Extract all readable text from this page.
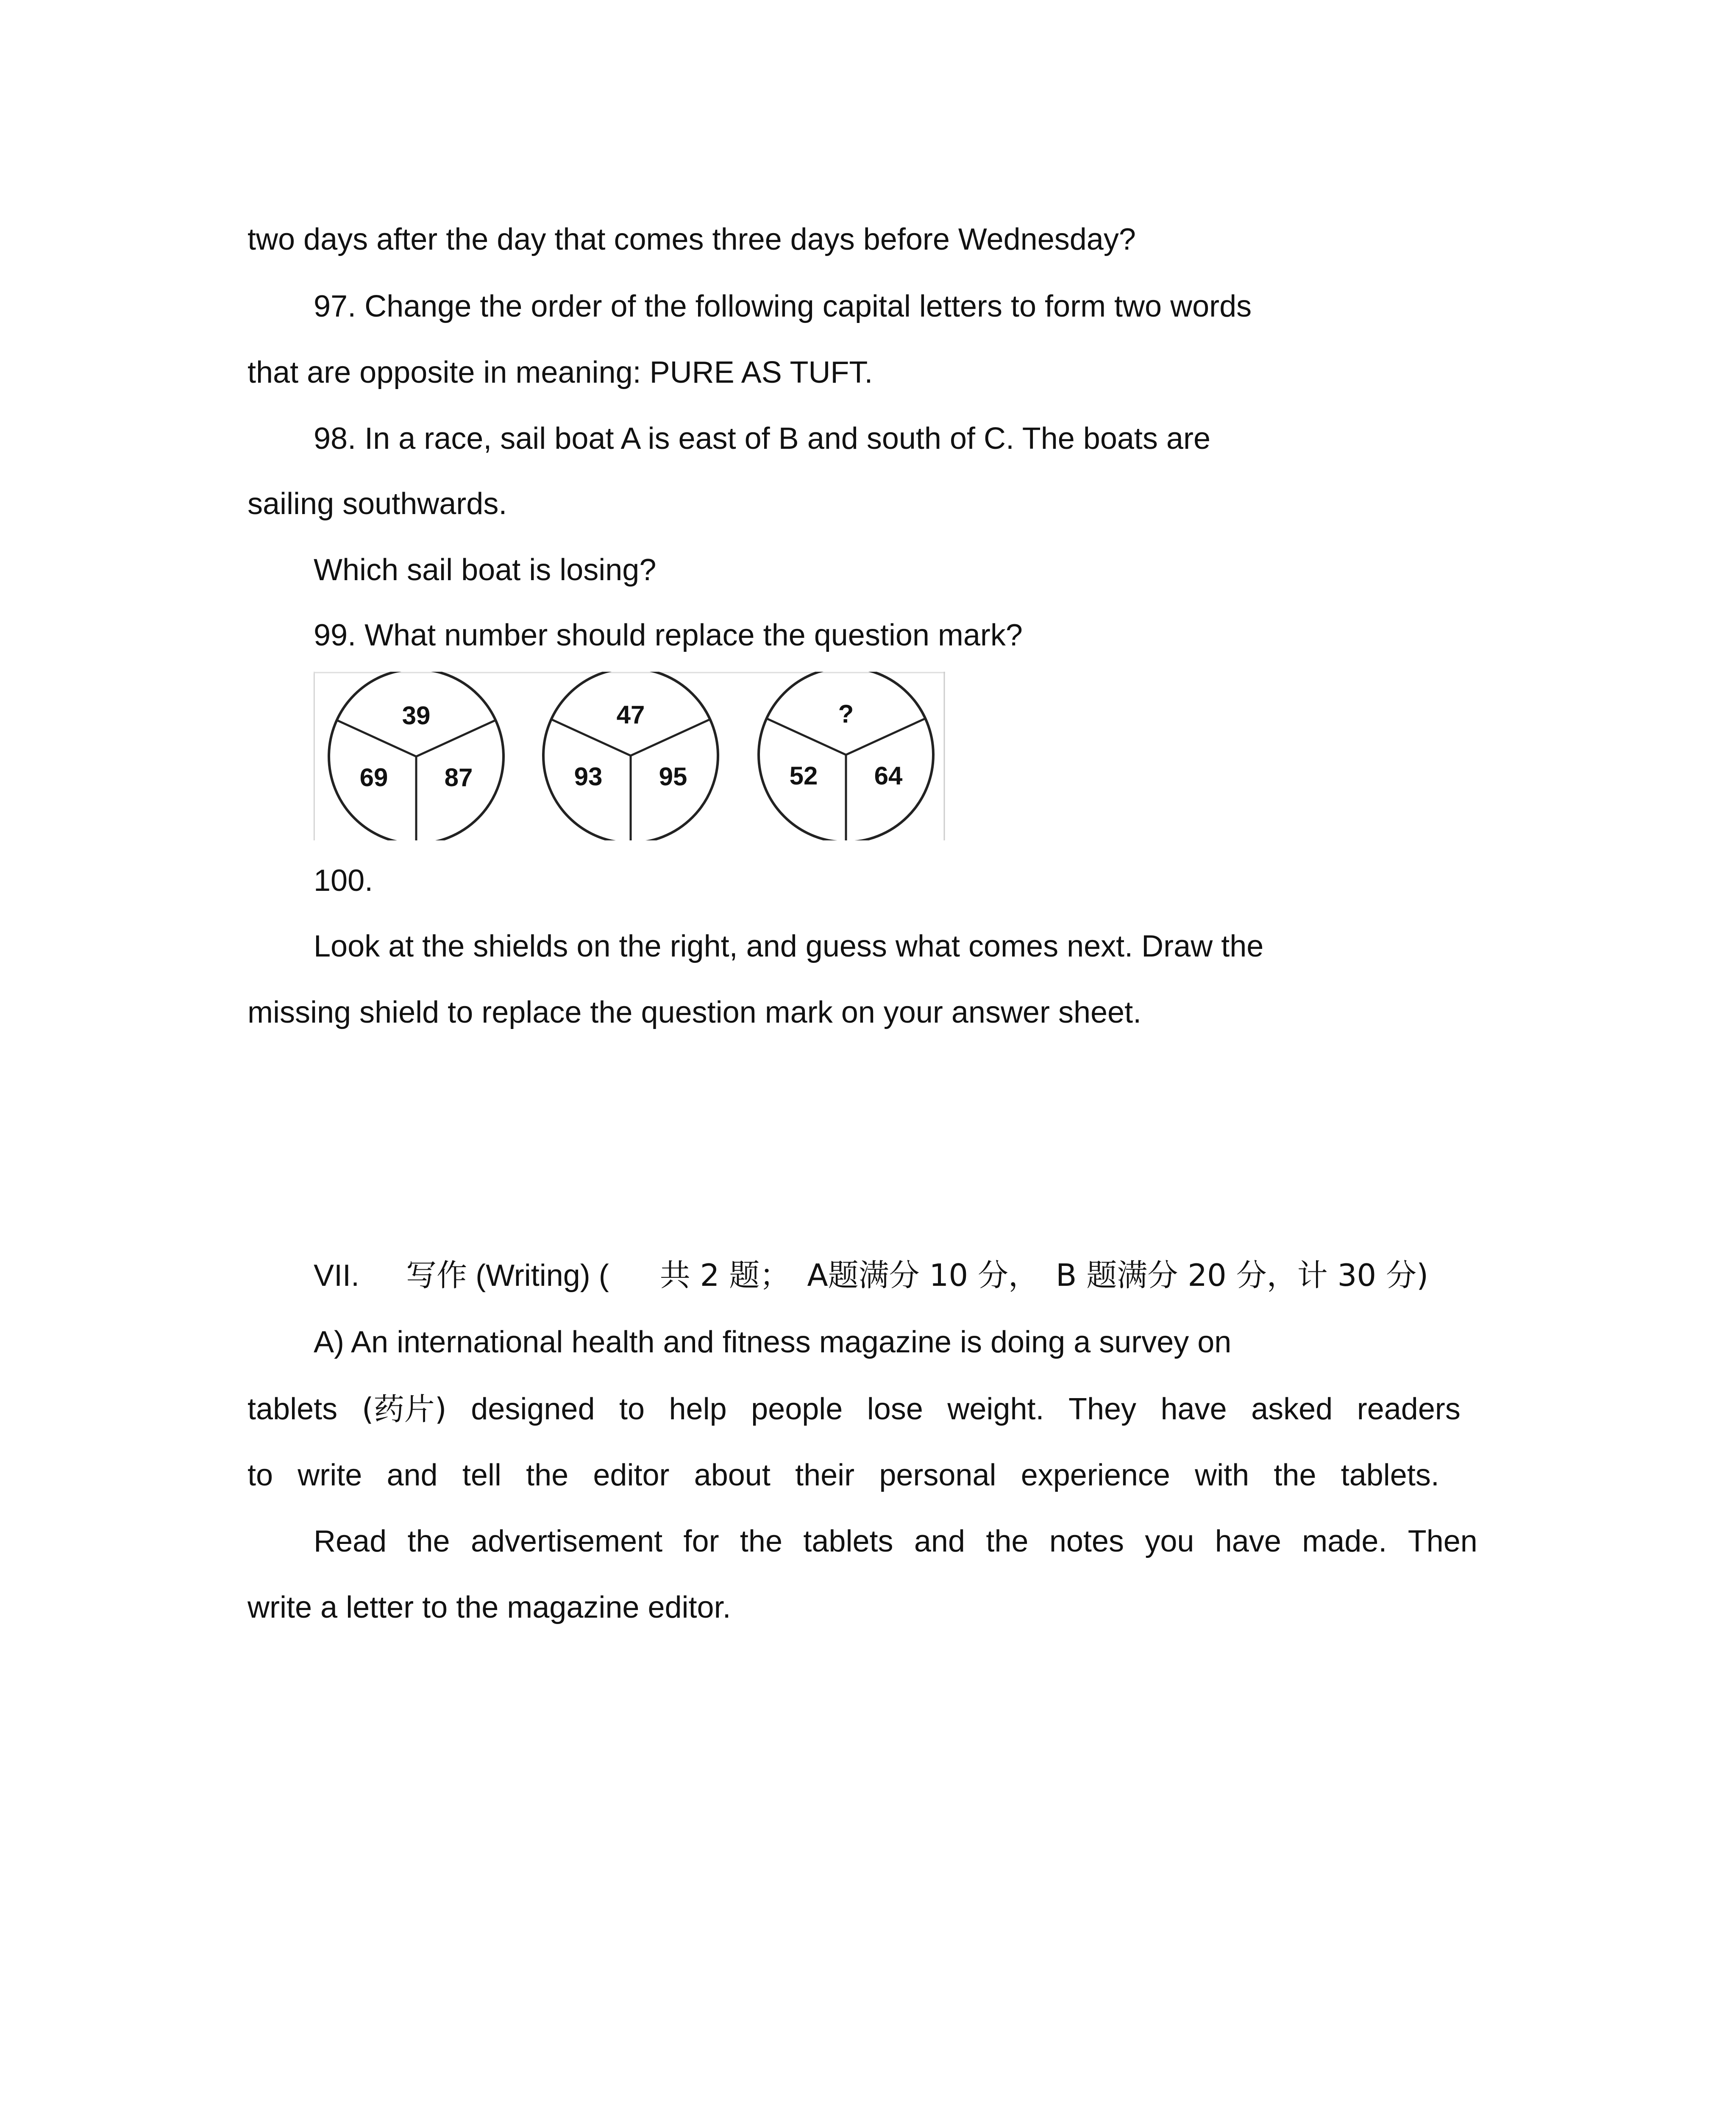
two days after the day that comes three days before Wednesday?
97. Change the order of the following capital letters to form two words
that are opposite in meaning: PURE AS TUFT.
98. In a race, sail boat A is east of B and south of C. The boats are
sailing southwards.
Which sail boat is losing?
99. What number should replace the question mark?
39
69 87
47
93 95
?
52 64
100.
Look at the shields on the right, and guess what comes next. Draw the
missing shield to replace the question mark on your answer sheet.
VII. 写作 (Writing) ( 共 2 题； A题满分 10 分， B 题满分 20 分，计 30 分)
A) An international health and fitness magazine is doing a survey on
tablets (药片) designed to help people lose weight. They have asked readers
to write and tell the editor about their personal experience with the tablets.
Read the advertisement for the tablets and the notes you have made. Then
write a letter to the magazine editor.
